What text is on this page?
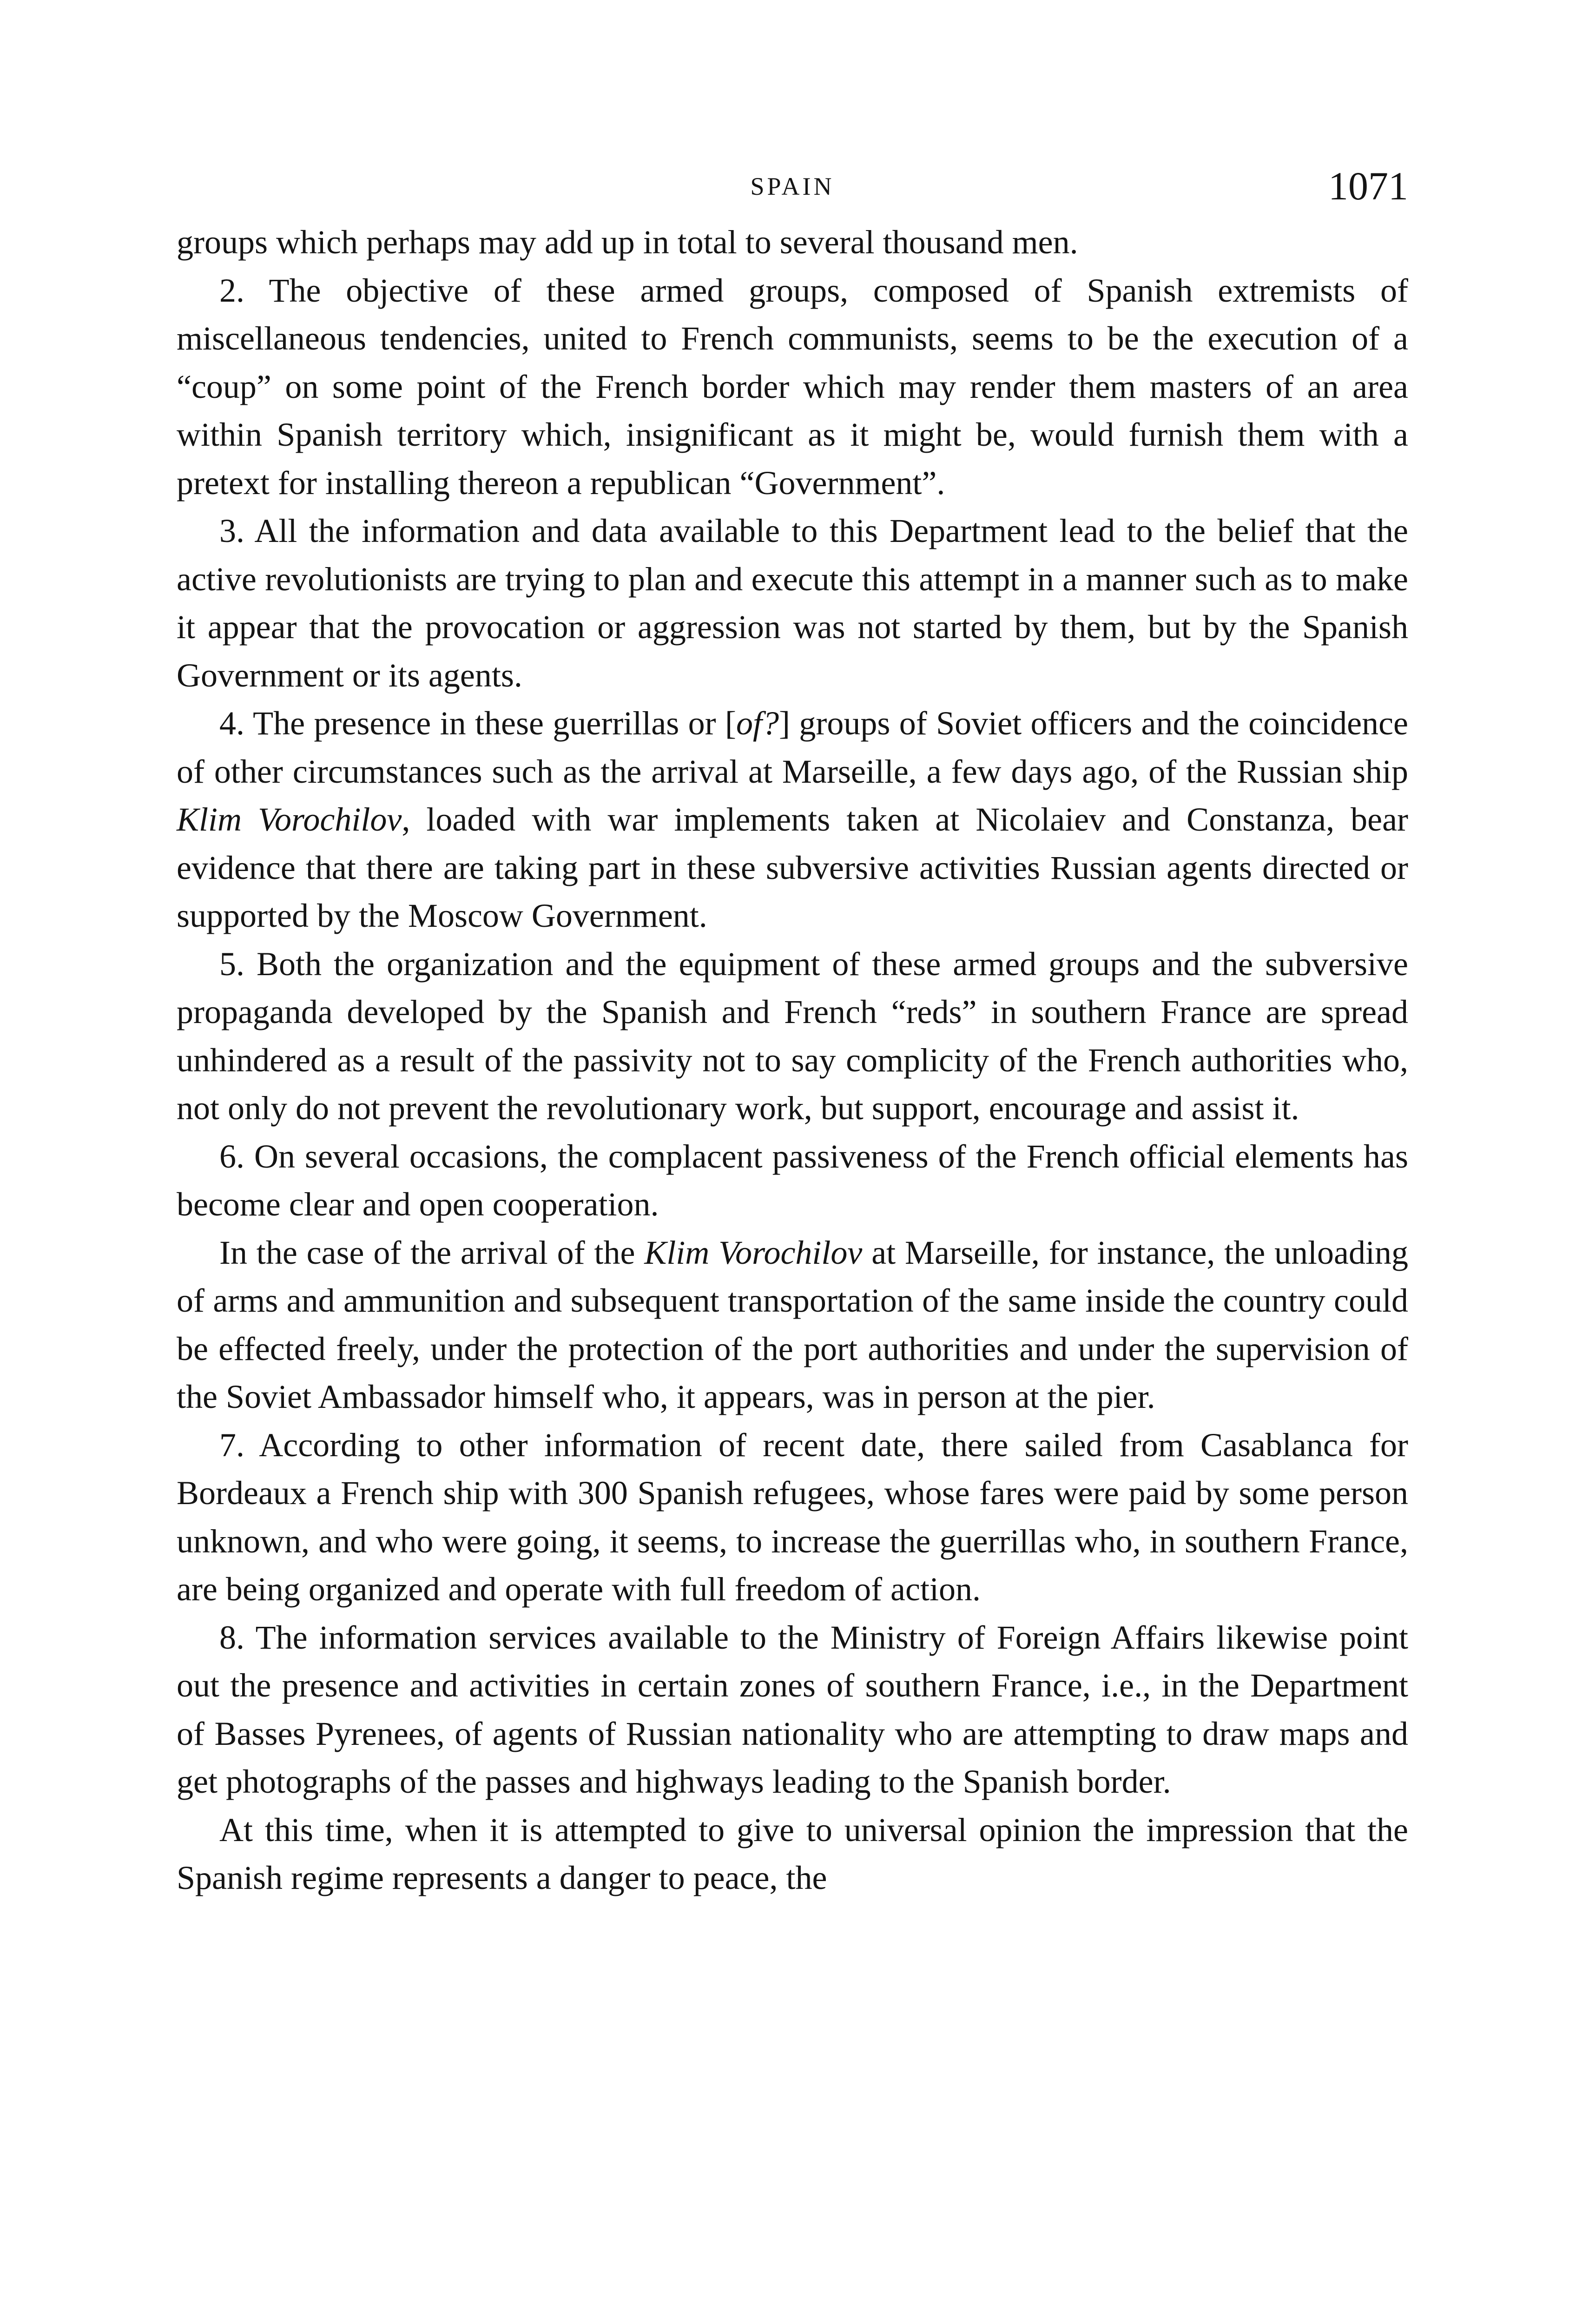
SPAIN	1071

groups which perhaps may add up in total to several thousand men.

2. The objective of these armed groups, composed of Spanish extremists of miscellaneous tendencies, united to French communists, seems to be the execution of a “coup” on some point of the French border which may render them masters of an area within Spanish territory which, insignificant as it might be, would furnish them with a pretext for installing thereon a republican “Government”.

3. All the information and data available to this Department lead to the belief that the active revolutionists are trying to plan and execute this attempt in a manner such as to make it appear that the provocation or aggression was not started by them, but by the Spanish Government or its agents.

4. The presence in these guerrillas or [of?] groups of Soviet officers and the coincidence of other circumstances such as the arrival at Marseille, a few days ago, of the Russian ship Klim Vorochilov, loaded with war implements taken at Nicolaiev and Constanza, bear evidence that there are taking part in these subversive activities Russian agents directed or supported by the Moscow Government.

5. Both the organization and the equipment of these armed groups and the subversive propaganda developed by the Spanish and French “reds” in southern France are spread unhindered as a result of the passivity not to say complicity of the French authorities who, not only do not prevent the revolutionary work, but support, encourage and assist it.

6. On several occasions, the complacent passiveness of the French official elements has become clear and open cooperation.

In the case of the arrival of the Klim Vorochilov at Marseille, for instance, the unloading of arms and ammunition and subsequent transportation of the same inside the country could be effected freely, under the protection of the port authorities and under the supervision of the Soviet Ambassador himself who, it appears, was in person at the pier.

7. According to other information of recent date, there sailed from Casablanca for Bordeaux a French ship with 300 Spanish refugees, whose fares were paid by some person unknown, and who were going, it seems, to increase the guerrillas who, in southern France, are being organized and operate with full freedom of action.

8. The information services available to the Ministry of Foreign Affairs likewise point out the presence and activities in certain zones of southern France, i.e., in the Department of Basses Pyrenees, of agents of Russian nationality who are attempting to draw maps and get photographs of the passes and highways leading to the Spanish border.

At this time, when it is attempted to give to universal opinion the impression that the Spanish regime represents a danger to peace, the
